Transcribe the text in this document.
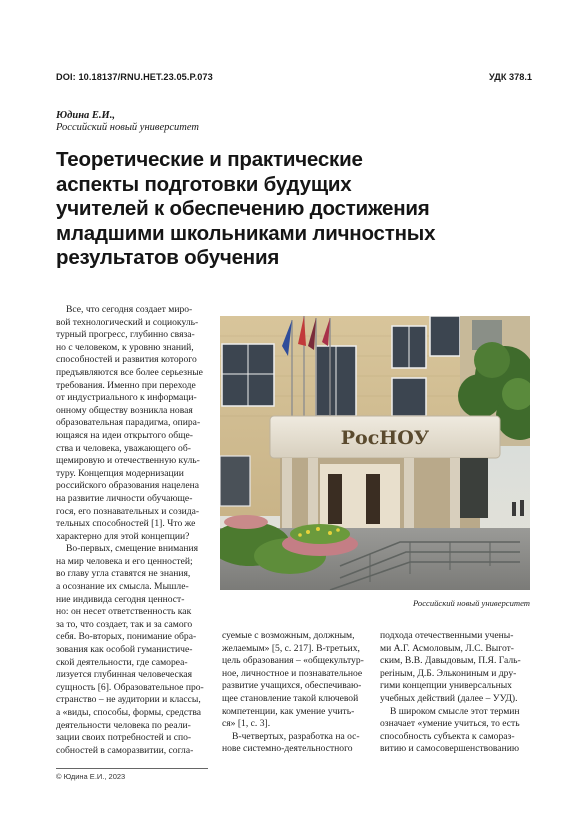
DOI: 10.18137/RNU.HET.23.05.P.073	УДК 378.1
Юдина Е.И.,
Российский новый университет
Теоретические и практические
аспекты подготовки будущих
учителей к обеспечению достижения
младшими школьниками личностных
результатов обучения
Все, что сегодня создает миро-
вой технологический и социокуль-
турный прогресс, глубинно связа-
но с человеком, к уровню знаний,
способностей и развития которого
предъявляются все более серьезные
требования. Именно при переходе
от индустриального к информаци-
онному обществу возникла новая
образовательная парадигма, опира-
ющаяся на идеи открытого обще-
ства и человека, уважающего об-
щемировую и отечественную куль-
туру. Концепция модернизации
российского образования нацелена
на развитие личности обучающе-
гося, его познавательных и созида-
тельных способностей [1]. Что же
характерно для этой концепции?
Во-первых, смещение внимания
на мир человека и его ценностей;
во главу угла ставятся не знания,
а осознание их смысла. Мышле-
ние индивида сегодня ценност-
но: он несет ответственность как
за то, что создает, так и за самого
себя. Во-вторых, понимание обра-
зования как особой гуманистиче-
ской деятельности, где самореа-
лизуется глубинная человеческая
сущность [6]. Образовательное про-
странство – не аудитории и классы,
а «виды, способы, формы, средства
деятельности человека по реали-
зации своих потребностей и спо-
собностей в саморазвитии, согла-
РосНОУ
Российский новый университет
суемые с возможным, должным,
желаемым» [5, с. 217]. В-третьих,
цель образования – «общекультур-
ное, личностное и познавательное
развитие учащихся, обеспечиваю-
щее становление такой ключевой
компетенции, как умение учить-
ся» [1, с. 3].
В-четвертых, разработка на ос-
нове системно-деятельностного
подхода отечественными учены-
ми А.Г. Асмоловым, Л.С. Выгот-
ским, В.В. Давыдовым, П.Я. Галь-
periным, Д.Б. Элькониным и дру-
гими концепции универсальных
учебных действий (далее – УУД).
В широком смысле этот термин
означает «умение учиться, то есть
способность субъекта к самораз-
витию и самосовершенствованию
© Юдина Е.И., 2023
